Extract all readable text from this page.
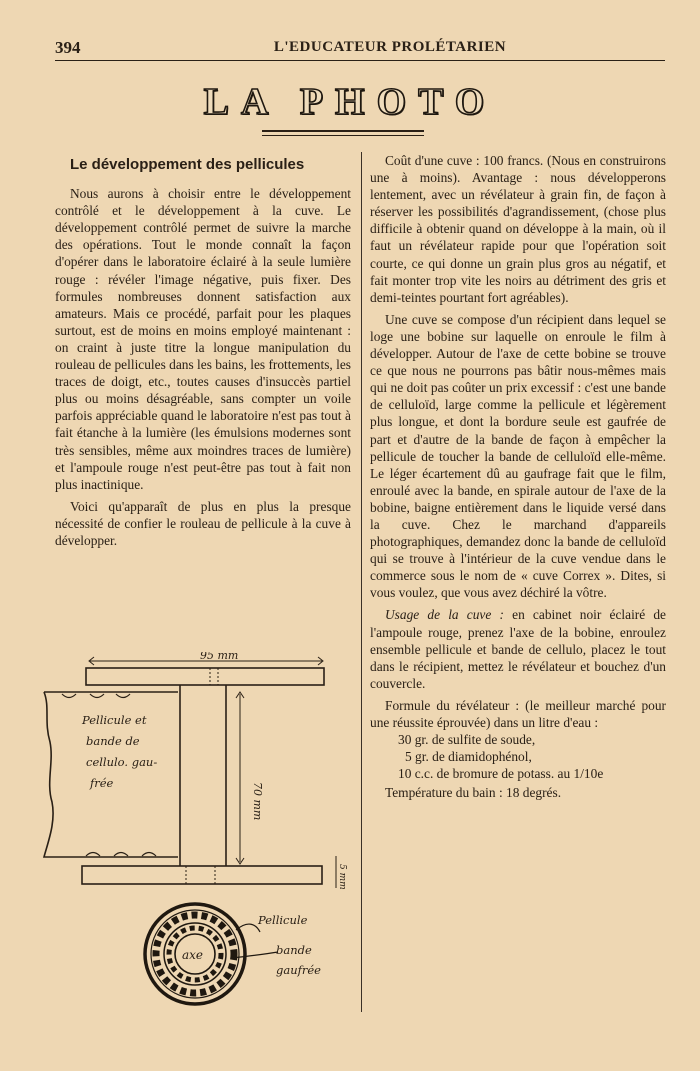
394	L'EDUCATEUR PROLÉTARIEN
LA PHOTO
Le développement des pellicules

Nous aurons à choisir entre le développement contrôlé et le développement à la cuve. Le développement contrôlé permet de suivre la marche des opérations. Tout le monde connaît la façon d'opérer dans le laboratoire éclairé à la seule lumière rouge : révéler l'image négative, puis fixer. Des formules nombreuses donnent satisfaction aux amateurs. Mais ce procédé, parfait pour les plaques surtout, est de moins en moins employé maintenant : on craint à juste titre la longue manipulation du rouleau de pellicules dans les bains, les frottements, les traces de doigt, etc., toutes causes d'insuccès partiel plus ou moins désagréable, sans compter un voile parfois appréciable quand le laboratoire n'est pas tout à fait étanche à la lumière (les émulsions modernes sont très sensibles, même aux moindres traces de lumière) et l'ampoule rouge n'est peut-être pas tout à fait non plus inactinique.

Voici qu'apparaît de plus en plus la presque nécessité de confier le rouleau de pellicule à la cuve à développer.

95 mm
70 mm
5 mm
Pellicule et bande de cellulo. gau- frée
axe
Pellicule bande gaufrée

Coût d'une cuve : 100 francs. (Nous en construirons une à moins). Avantage : nous développerons lentement, avec un révélateur à grain fin, de façon à réserver les possibilités d'agrandissement, (chose plus difficile à obtenir quand on développe à la main, où il faut un révélateur rapide pour que l'opération soit courte, ce qui donne un grain plus gros au négatif, et fait monter trop vite les noirs au détriment des gris et demi-teintes pourtant fort agréables).

Une cuve se compose d'un récipient dans lequel se loge une bobine sur laquelle on enroule le film à développer. Autour de l'axe de cette bobine se trouve ce que nous ne pourrons pas bâtir nous-mêmes mais qui ne doit pas coûter un prix excessif : c'est une bande de celluloïd, large comme la pellicule et légèrement plus longue, et dont la bordure seule est gaufrée de part et d'autre de la bande de façon à empêcher la pellicule de toucher la bande de celluloïd elle-même. Le léger écartement dû au gaufrage fait que le film, enroulé avec la bande, en spirale autour de l'axe de la bobine, baigne entièrement dans le liquide versé dans la cuve. Chez le marchand d'appareils photographiques, demandez donc la bande de celluloïd qui se trouve à l'intérieur de la cuve vendue dans le commerce sous le nom de « cuve Correx ». Dites, si vous voulez, que vous avez déchiré la vôtre.

Usage de la cuve : en cabinet noir éclairé de l'ampoule rouge, prenez l'axe de la bobine, enroulez ensemble pellicule et bande de cellulo, placez le tout dans le récipient, mettez le révélateur et bouchez d'un couvercle.

Formule du révélateur : (le meilleur marché pour une réussite éprouvée) dans un litre d'eau :

30 gr. de sulfite de soude,
5 gr. de diamidophénol,
10 c.c. de bromure de potass. au 1/10e

Température du bain : 18 degrés.
